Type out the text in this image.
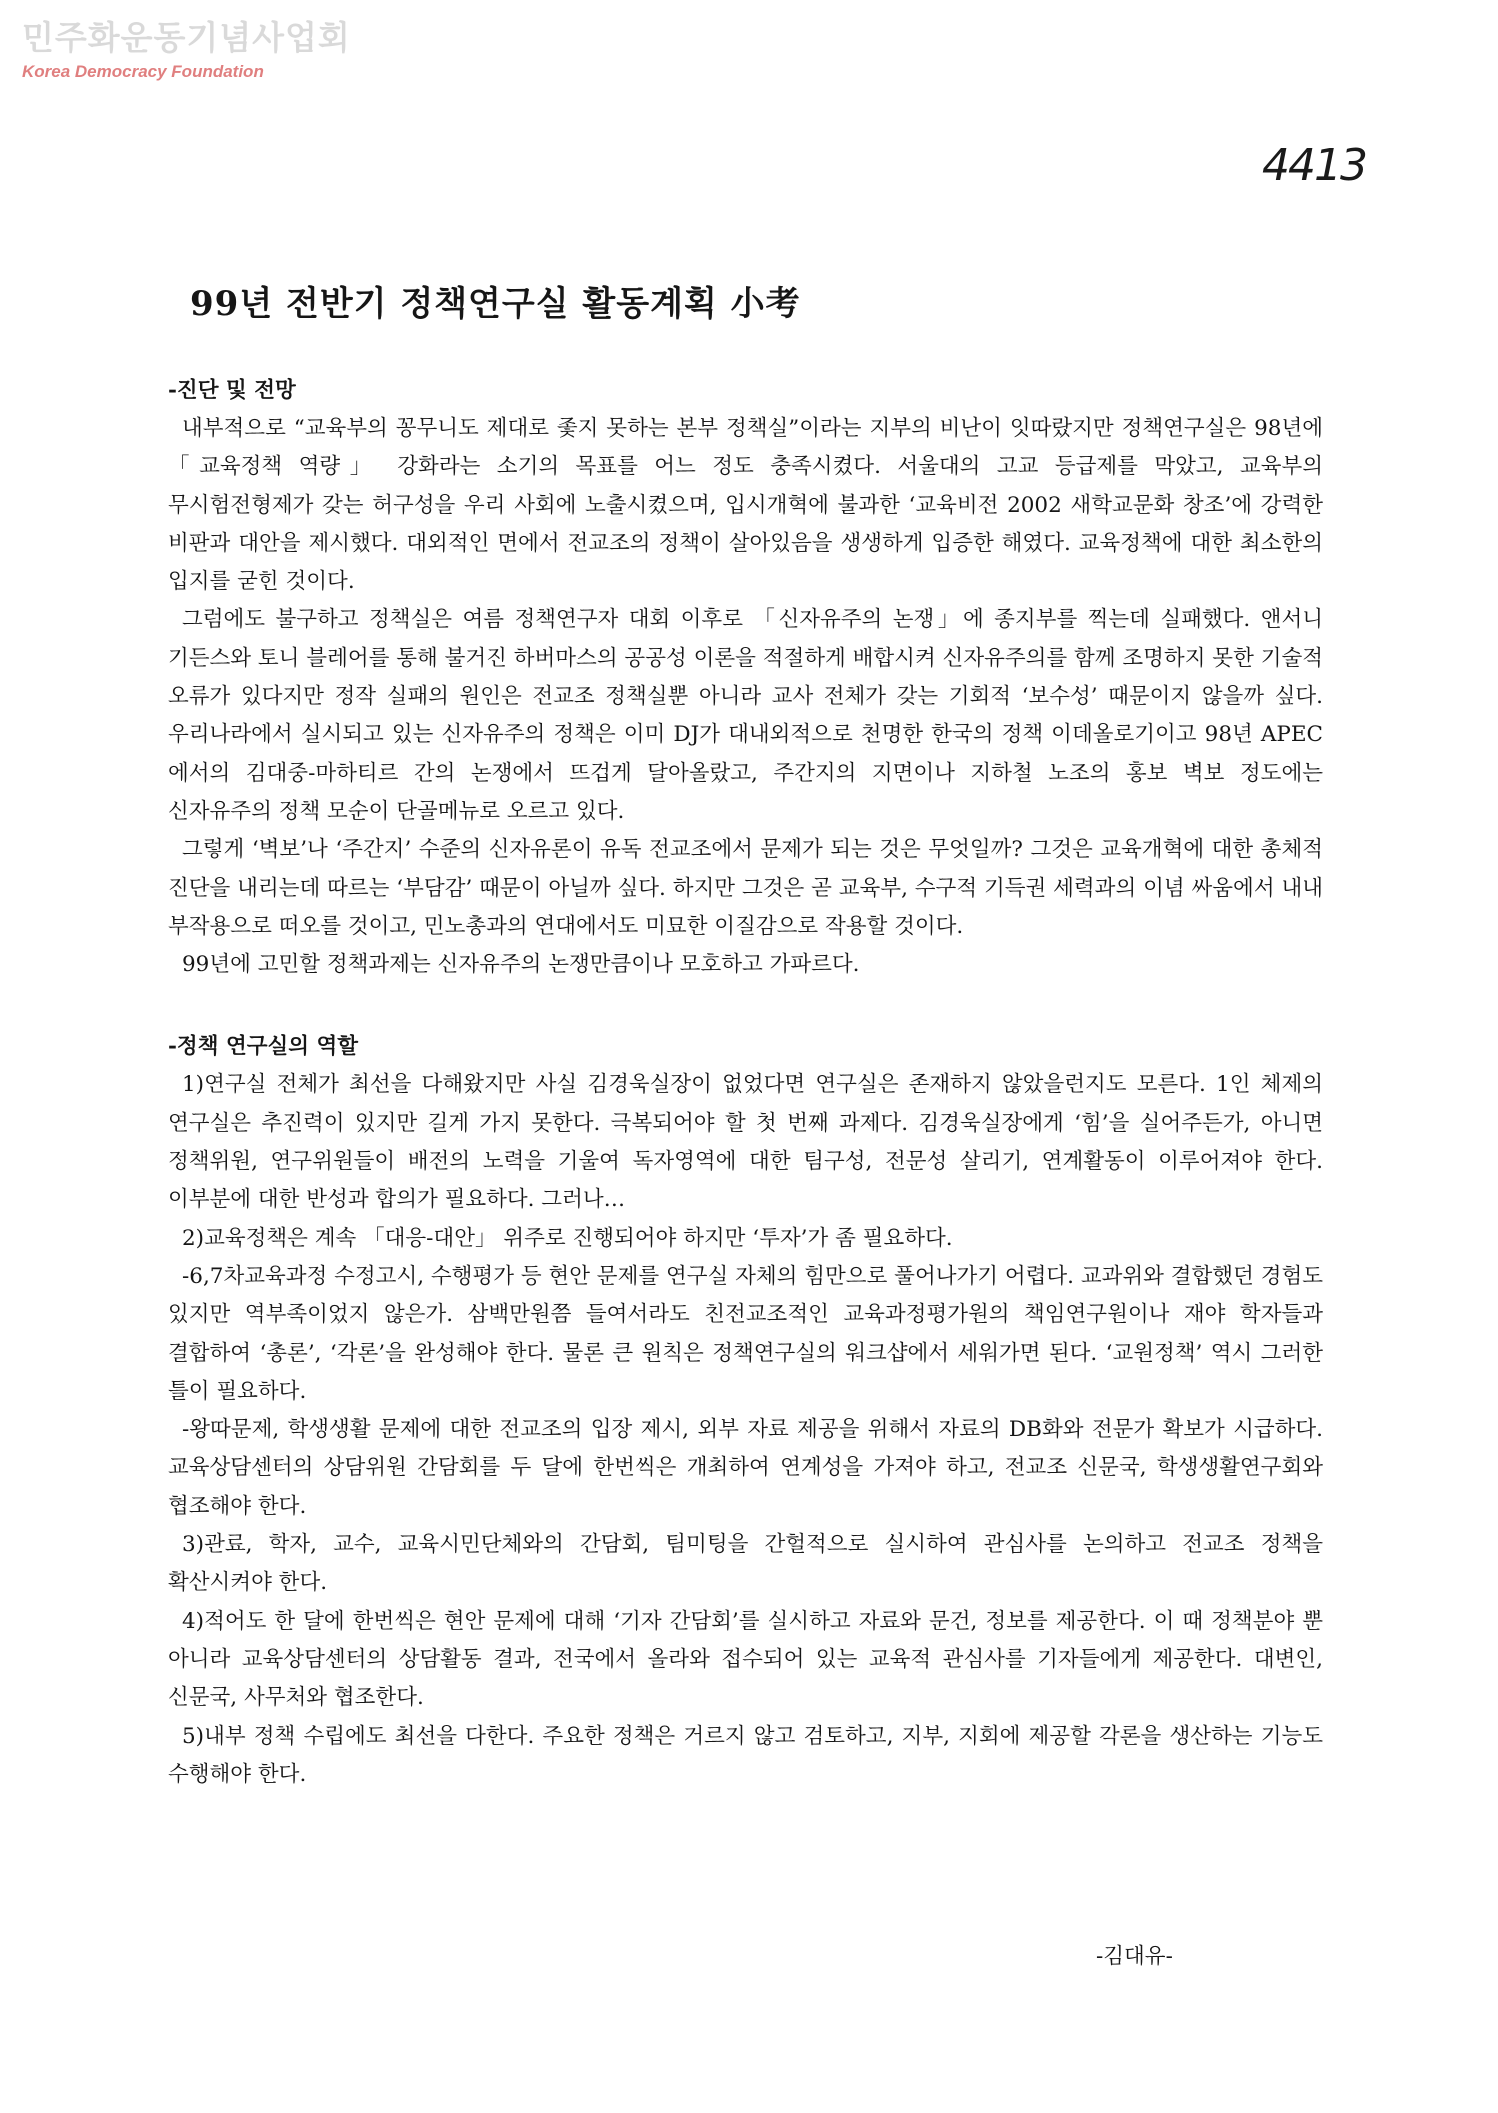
민주화운동기념사업회
Korea Democracy Foundation
4413
99년 전반기 정책연구실 활동계획 小考
-진단 및 전망

내부적으로 “교육부의 꽁무니도 제대로 좇지 못하는 본부 정책실”이라는 지부의 비난이 잇따랐지만 정책연구실은 98년에 「교육정책 역량」 강화라는 소기의 목표를 어느 정도 충족시켰다. 서울대의 고교 등급제를 막았고, 교육부의 무시험전형제가 갖는 허구성을 우리 사회에 노출시켰으며, 입시개혁에 불과한 ‘교육비전 2002 새학교문화 창조’에 강력한 비판과 대안을 제시했다. 대외적인 면에서 전교조의 정책이 살아있음을 생생하게 입증한 해였다. 교육정책에 대한 최소한의 입지를 굳힌 것이다.

그럼에도 불구하고 정책실은 여름 정책연구자 대회 이후로 「신자유주의 논쟁」에 종지부를 찍는데 실패했다. 앤서니 기든스와 토니 블레어를 통해 불거진 하버마스의 공공성 이론을 적절하게 배합시켜 신자유주의를 함께 조명하지 못한 기술적 오류가 있다지만 정작 실패의 원인은 전교조 정책실뿐 아니라 교사 전체가 갖는 기회적 ‘보수성’ 때문이지 않을까 싶다. 우리나라에서 실시되고 있는 신자유주의 정책은 이미 DJ가 대내외적으로 천명한 한국의 정책 이데올로기이고 98년 APEC 에서의 김대중-마하티르 간의 논쟁에서 뜨겁게 달아올랐고, 주간지의 지면이나 지하철 노조의 홍보 벽보 정도에는 신자유주의 정책 모순이 단골메뉴로 오르고 있다.

그렇게 ‘벽보’나 ‘주간지’ 수준의 신자유론이 유독 전교조에서 문제가 되는 것은 무엇일까? 그것은 교육개혁에 대한 총체적 진단을 내리는데 따르는 ‘부담감’ 때문이 아닐까 싶다. 하지만 그것은 곧 교육부, 수구적 기득권 세력과의 이념 싸움에서 내내 부작용으로 떠오를 것이고, 민노총과의 연대에서도 미묘한 이질감으로 작용할 것이다.

99년에 고민할 정책과제는 신자유주의 논쟁만큼이나 모호하고 가파르다.

-정책 연구실의 역할

1)연구실 전체가 최선을 다해왔지만 사실 김경욱실장이 없었다면 연구실은 존재하지 않았을런지도 모른다. 1인 체제의 연구실은 추진력이 있지만 길게 가지 못한다. 극복되어야 할 첫 번째 과제다. 김경욱실장에게 ‘힘’을 실어주든가, 아니면 정책위원, 연구위원들이 배전의 노력을 기울여 독자영역에 대한 팀구성, 전문성 살리기, 연계활동이 이루어져야 한다. 이부분에 대한 반성과 합의가 필요하다. 그러나…

2)교육정책은 계속 「대응-대안」 위주로 진행되어야 하지만 ‘투자’가 좀 필요하다.

-6,7차교육과정 수정고시, 수행평가 등 현안 문제를 연구실 자체의 힘만으로 풀어나가기 어렵다. 교과위와 결합했던 경험도 있지만 역부족이었지 않은가. 삼백만원쯤 들여서라도 친전교조적인 교육과정평가원의 책임연구원이나 재야 학자들과 결합하여 ‘총론’, ‘각론’을 완성해야 한다. 물론 큰 원칙은 정책연구실의 워크샵에서 세워가면 된다. ‘교원정책’ 역시 그러한 틀이 필요하다.

-왕따문제, 학생생활 문제에 대한 전교조의 입장 제시, 외부 자료 제공을 위해서 자료의 DB화와 전문가 확보가 시급하다. 교육상담센터의 상담위원 간담회를 두 달에 한번씩은 개최하여 연계성을 가져야 하고, 전교조 신문국, 학생생활연구회와 협조해야 한다.

3)관료, 학자, 교수, 교육시민단체와의 간담회, 팀미팅을 간헐적으로 실시하여 관심사를 논의하고 전교조 정책을 확산시켜야 한다.

4)적어도 한 달에 한번씩은 현안 문제에 대해 ‘기자 간담회’를 실시하고 자료와 문건, 정보를 제공한다. 이 때 정책분야 뿐 아니라 교육상담센터의 상담활동 결과, 전국에서 올라와 접수되어 있는 교육적 관심사를 기자들에게 제공한다. 대변인, 신문국, 사무처와 협조한다.

5)내부 정책 수립에도 최선을 다한다. 주요한 정책은 거르지 않고 검토하고, 지부, 지회에 제공할 각론을 생산하는 기능도 수행해야 한다.

-김대유-
